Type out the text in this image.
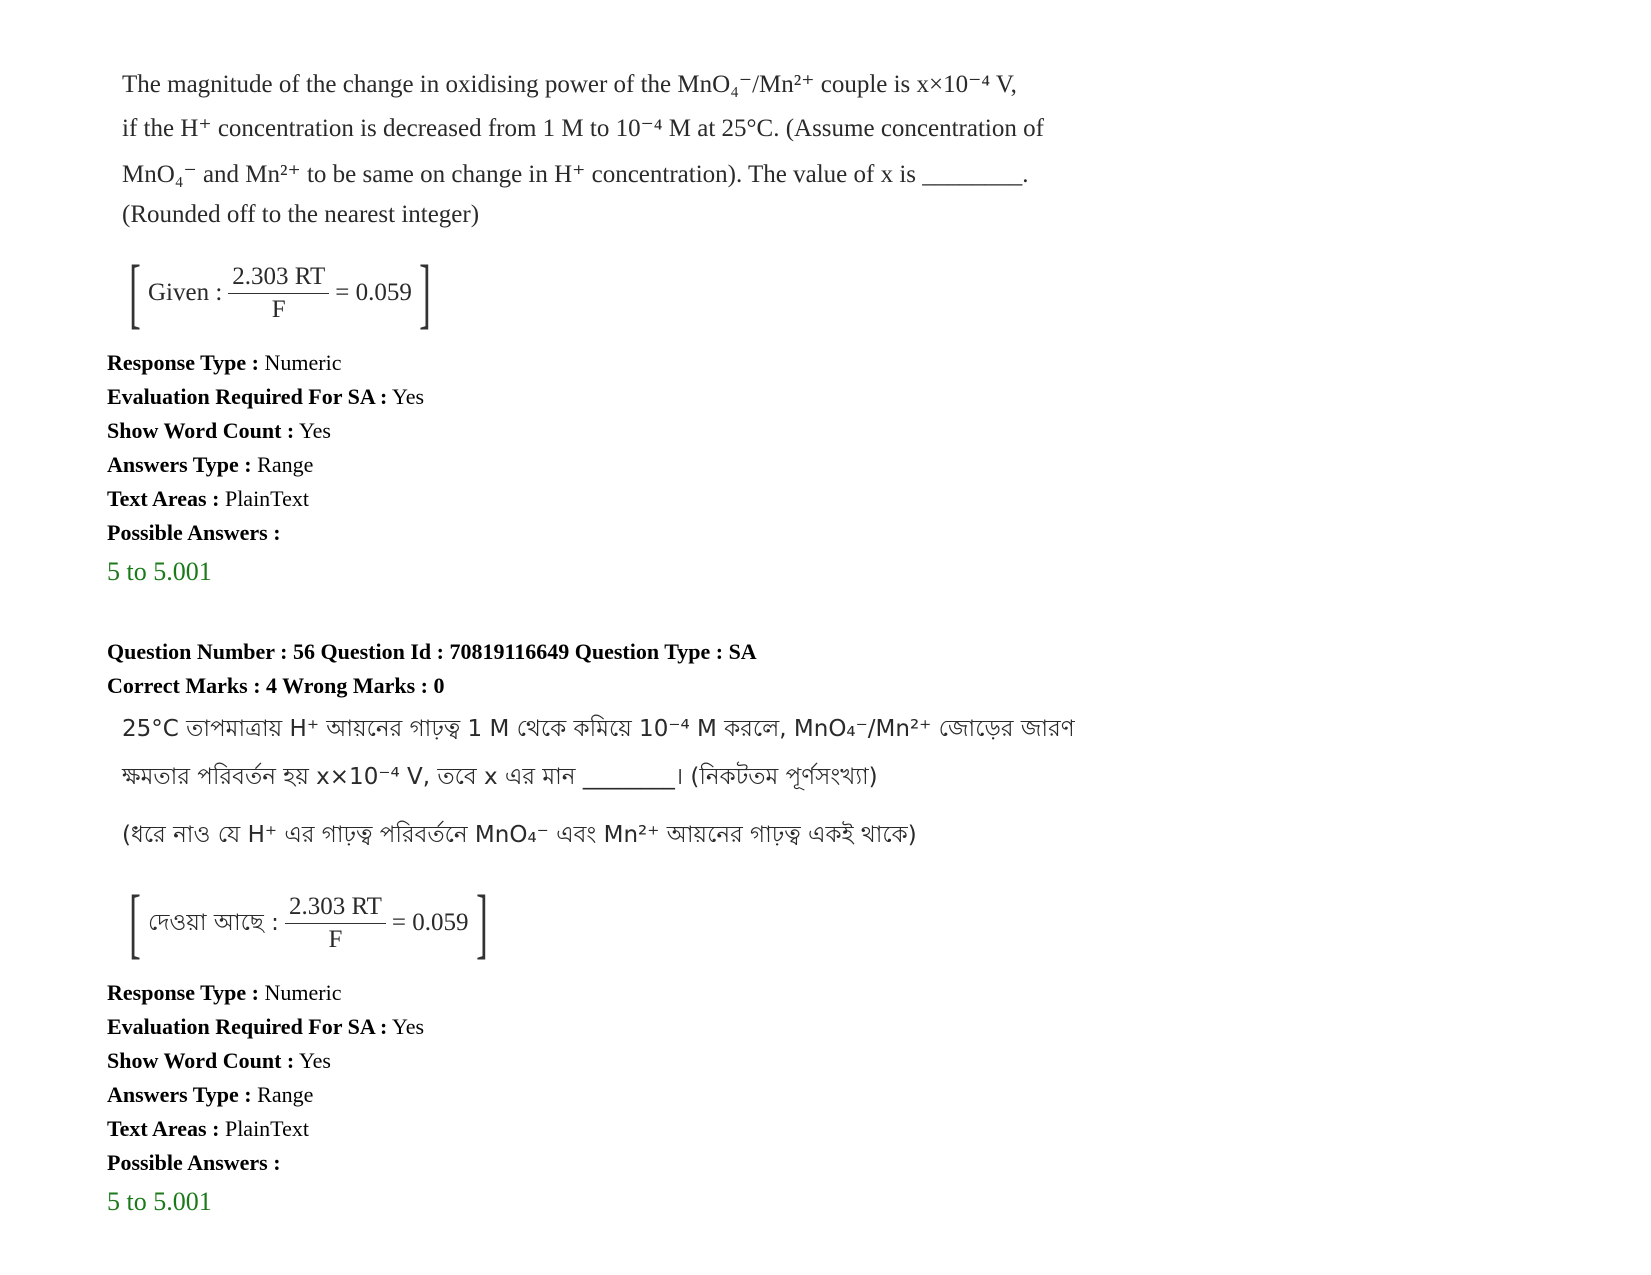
The magnitude of the change in oxidising power of the MnO₄⁻/Mn²⁺ couple is x×10⁻⁴ V,
if the H⁺ concentration is decreased from 1 M to 10⁻⁴ M at 25°C. (Assume concentration of
MnO₄⁻ and Mn²⁺ to be same on change in H⁺ concentration). The value of x is ________.
(Rounded off to the nearest integer)
[ Given : $\frac{2.303 RT}{F} = 0.059$ ]
Response Type : Numeric
Evaluation Required For SA : Yes
Show Word Count : Yes
Answers Type : Range
Text Areas : PlainText
Possible Answers :
5 to 5.001
Question Number : 56 Question Id : 70819116649 Question Type : SA
Correct Marks : 4 Wrong Marks : 0
25°C তাপমাত্রায় H⁺ আয়নের গাঢ়ত্ব 1 M থেকে কমিয়ে 10⁻⁴ M করলে, MnO₄⁻/Mn²⁺ জোড়ের জারণ
ক্ষমতার পরিবর্তন হয় x×10⁻⁴ V, তবে x এর মান ________। (নিকটতম পূর্ণসংখ্যা)
(ধরে নাও যে H⁺ এর গাঢ়ত্ব পরিবর্তনে MnO₄⁻ এবং Mn²⁺ আয়নের গাঢ়ত্ব একই থাকে)
[ দেওয়া আছে : $\frac{2.303 RT}{F} = 0.059$ ]
Response Type : Numeric
Evaluation Required For SA : Yes
Show Word Count : Yes
Answers Type : Range
Text Areas : PlainText
Possible Answers :
5 to 5.001
